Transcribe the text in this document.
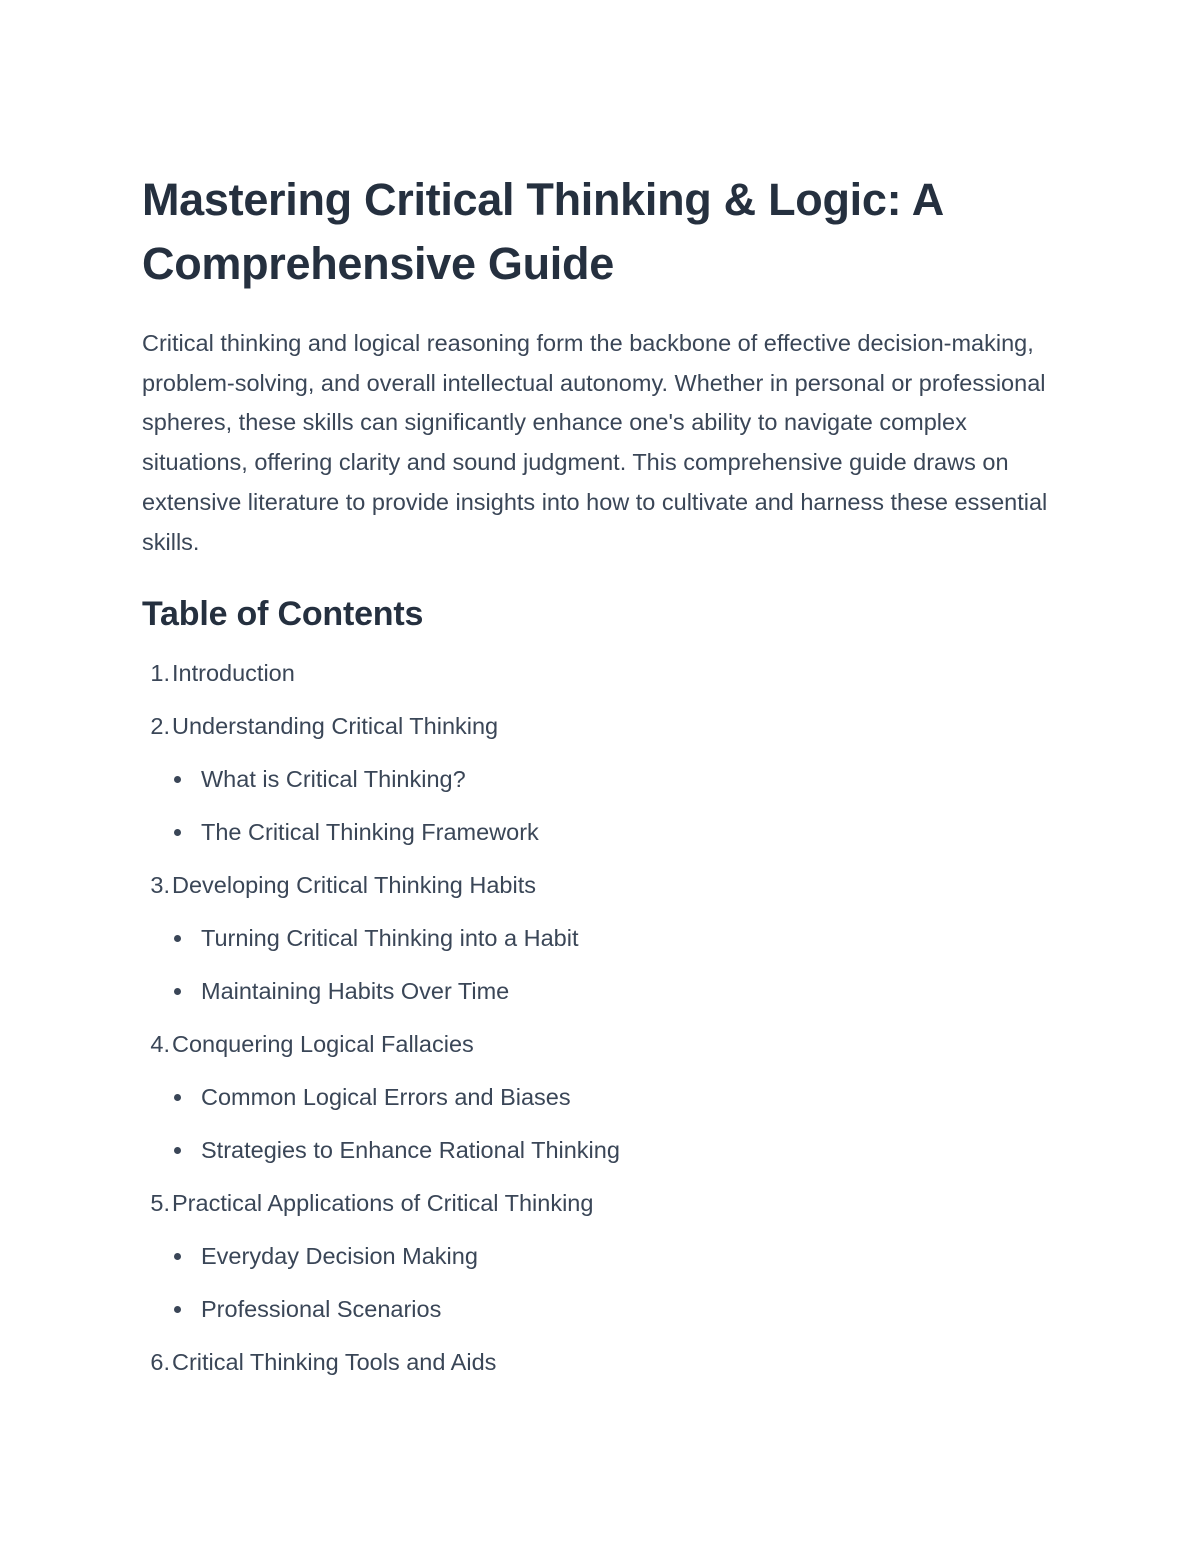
Mastering Critical Thinking & Logic: A Comprehensive Guide

Critical thinking and logical reasoning form the backbone of effective decision-making, problem-solving, and overall intellectual autonomy. Whether in personal or professional spheres, these skills can significantly enhance one's ability to navigate complex situations, offering clarity and sound judgment. This comprehensive guide draws on extensive literature to provide insights into how to cultivate and harness these essential skills.

Table of Contents
1. Introduction
2. Understanding Critical Thinking
What is Critical Thinking?
The Critical Thinking Framework
3. Developing Critical Thinking Habits
Turning Critical Thinking into a Habit
Maintaining Habits Over Time
4. Conquering Logical Fallacies
Common Logical Errors and Biases
Strategies to Enhance Rational Thinking
5. Practical Applications of Critical Thinking
Everyday Decision Making
Professional Scenarios
6. Critical Thinking Tools and Aids
